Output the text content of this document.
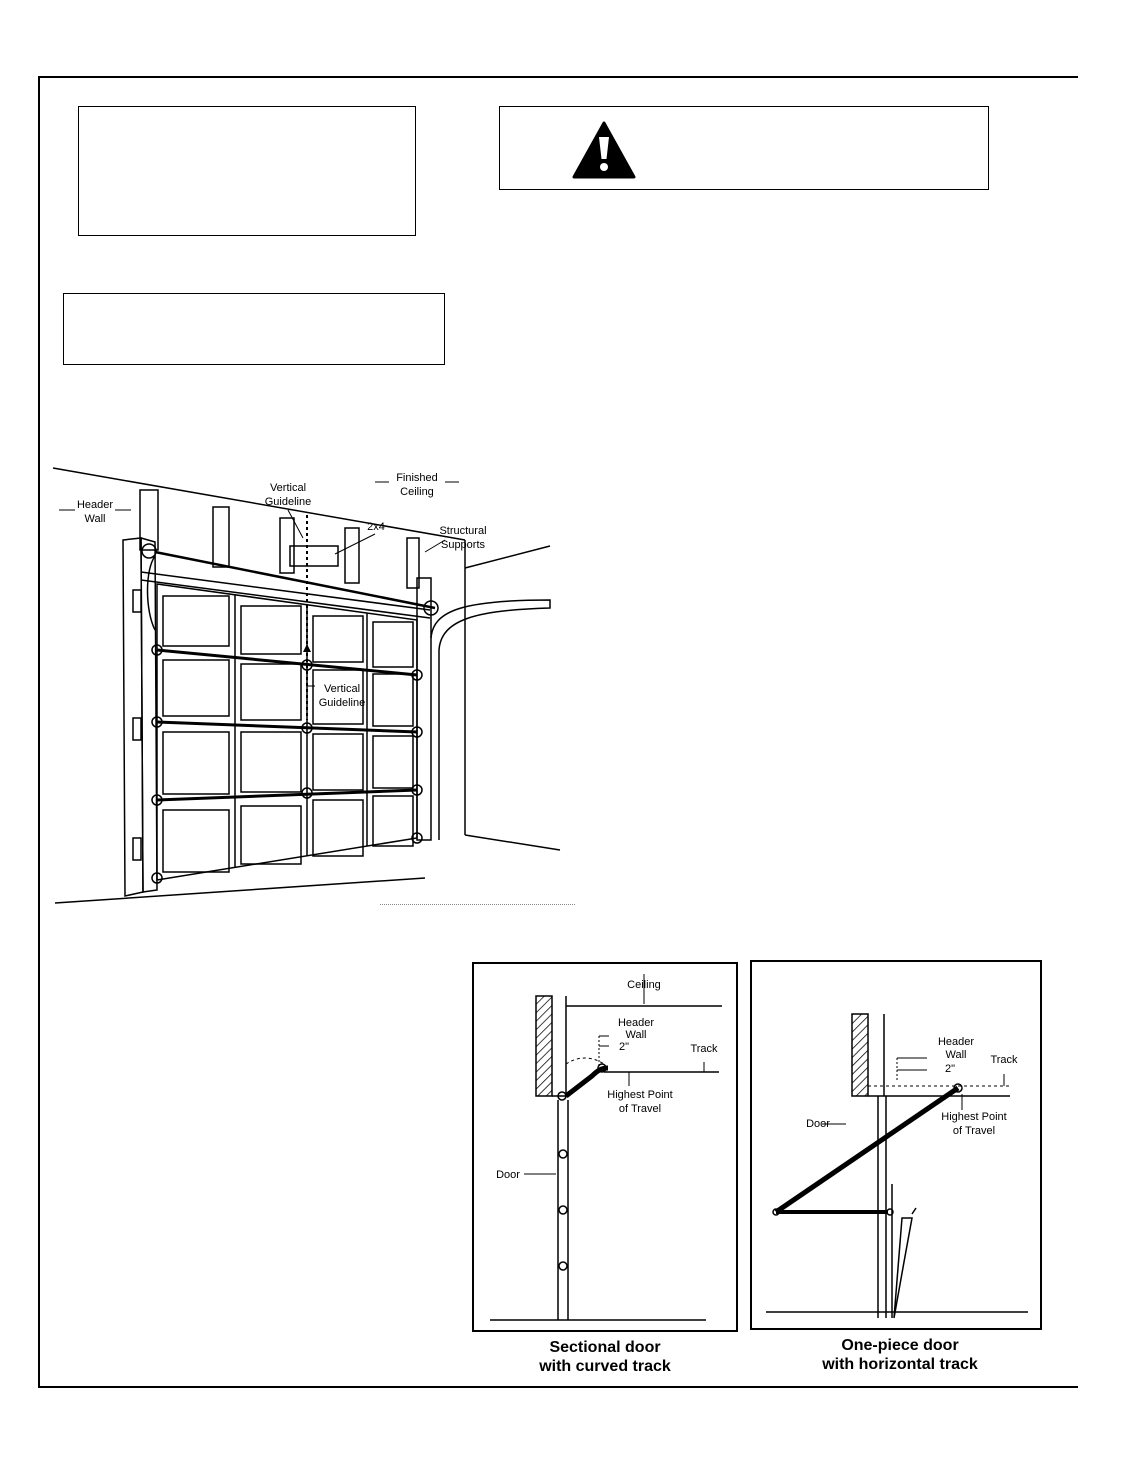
Header
Wall
Vertical
Guideline
Finished
Ceiling
2x4	Structural
Supports
Vertical
Guideline
Ceiling
Header
Wall
2"	Track
Highest Point
of Travel
Door
Sectional door
with curved track
Header
Wall
2"
Track
Highest Point
of Travel
Door
One-piece door
with horizontal track
